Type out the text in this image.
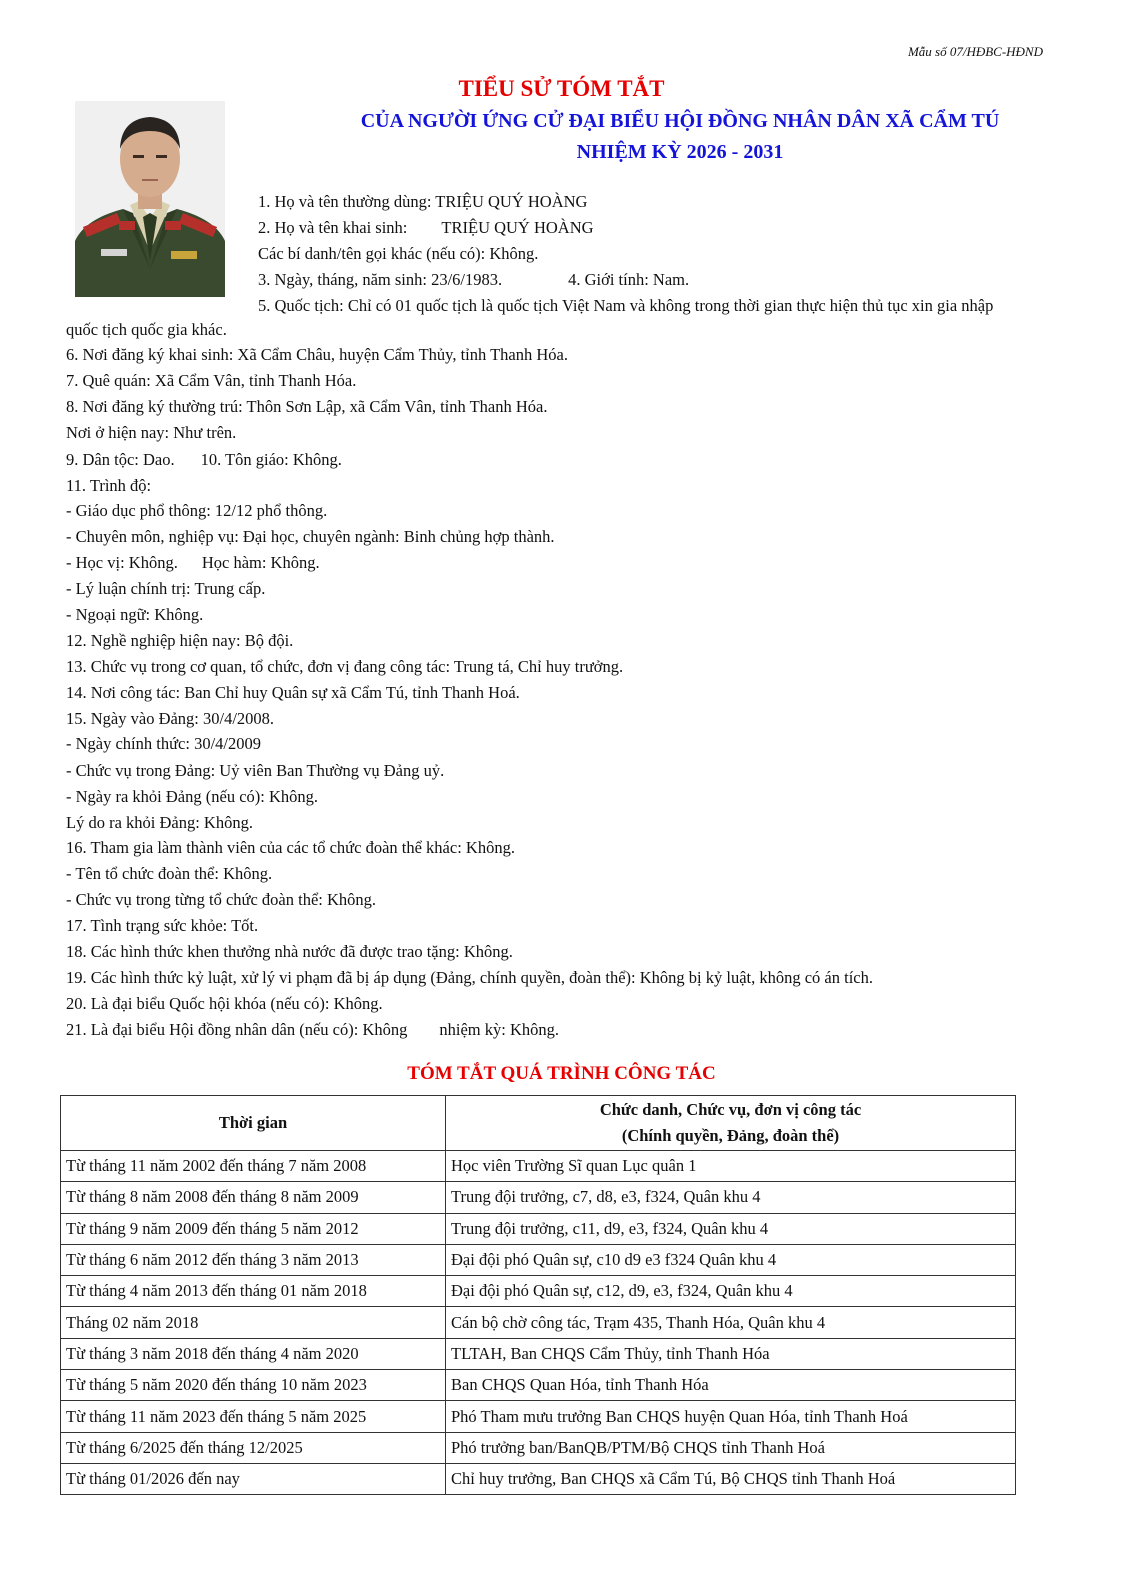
Mẫu số 07/HĐBC-HĐND
TIỂU SỬ TÓM TẮT
CỦA NGƯỜI ỨNG CỬ ĐẠI BIỂU HỘI ĐỒNG NHÂN DÂN XÃ CẨM TÚ
NHIỆM KỲ 2026 - 2031
1. Họ và tên thường dùng: TRIỆU QUÝ HOÀNG
2. Họ và tên khai sinh: TRIỆU QUÝ HOÀNG
Các bí danh/tên gọi khác (nếu có): Không.
3. Ngày, tháng, năm sinh: 23/6/1983.	4. Giới tính: Nam.
5. Quốc tịch: Chỉ có 01 quốc tịch là quốc tịch Việt Nam và không trong thời gian thực hiện thủ tục xin gia nhập
quốc tịch quốc gia khác.
6. Nơi đăng ký khai sinh: Xã Cẩm Châu, huyện Cẩm Thủy, tỉnh Thanh Hóa.
7. Quê quán: Xã Cẩm Vân, tỉnh Thanh Hóa.
8. Nơi đăng ký thường trú: Thôn Sơn Lập, xã Cẩm Vân, tỉnh Thanh Hóa.
Nơi ở hiện nay: Như trên.
9. Dân tộc: Dao. 10. Tôn giáo: Không.
11. Trình độ:
- Giáo dục phổ thông: 12/12 phổ thông.
- Chuyên môn, nghiệp vụ: Đại học, chuyên ngành: Binh chủng hợp thành.
- Học vị: Không. Học hàm: Không.
- Lý luận chính trị: Trung cấp.
- Ngoại ngữ: Không.
12. Nghề nghiệp hiện nay: Bộ đội.
13. Chức vụ trong cơ quan, tổ chức, đơn vị đang công tác: Trung tá, Chỉ huy trưởng.
14. Nơi công tác: Ban Chỉ huy Quân sự xã Cẩm Tú, tỉnh Thanh Hoá.
15. Ngày vào Đảng: 30/4/2008.
- Ngày chính thức: 30/4/2009
- Chức vụ trong Đảng: Uỷ viên Ban Thường vụ Đảng uỷ.
- Ngày ra khỏi Đảng (nếu có): Không.
Lý do ra khỏi Đảng: Không.
16. Tham gia làm thành viên của các tổ chức đoàn thể khác: Không.
- Tên tổ chức đoàn thể: Không.
- Chức vụ trong từng tổ chức đoàn thể: Không.
17. Tình trạng sức khỏe: Tốt.
18. Các hình thức khen thưởng nhà nước đã được trao tặng: Không.
19. Các hình thức kỷ luật, xử lý vi phạm đã bị áp dụng (Đảng, chính quyền, đoàn thể): Không bị kỷ luật, không có án tích.
20. Là đại biểu Quốc hội khóa (nếu có): Không.
21. Là đại biểu Hội đồng nhân dân (nếu có): Không nhiệm kỳ: Không.
TÓM TẮT QUÁ TRÌNH CÔNG TÁC
Thời gian	Chức danh, Chức vụ, đơn vị công tác
(Chính quyền, Đảng, đoàn thể)

Từ tháng 11 năm 2002 đến tháng 7 năm 2008	Học viên Trường Sĩ quan Lục quân 1
Từ tháng 8 năm 2008 đến tháng 8 năm 2009	Trung đội trưởng, c7, d8, e3, f324, Quân khu 4
Từ tháng 9 năm 2009 đến tháng 5 năm 2012	Trung đội trưởng, c11, d9, e3, f324, Quân khu 4
Từ tháng 6 năm 2012 đến tháng 3 năm 2013	Đại đội phó Quân sự, c10 d9 e3 f324 Quân khu 4
Từ tháng 4 năm 2013 đến tháng 01 năm 2018	Đại đội phó Quân sự, c12, d9, e3, f324, Quân khu 4
Tháng 02 năm 2018	Cán bộ chờ công tác, Trạm 435, Thanh Hóa, Quân khu 4
Từ tháng 3 năm 2018 đến tháng 4 năm 2020	TLTAH, Ban CHQS Cẩm Thủy, tỉnh Thanh Hóa
Từ tháng 5 năm 2020 đến tháng 10 năm 2023	Ban CHQS Quan Hóa, tỉnh Thanh Hóa
Từ tháng 11 năm 2023 đến tháng 5 năm 2025	Phó Tham mưu trưởng Ban CHQS huyện Quan Hóa, tỉnh Thanh Hoá
Từ tháng 6/2025 đến tháng 12/2025	Phó trưởng ban/BanQB/PTM/Bộ CHQS tỉnh Thanh Hoá
Từ tháng 01/2026 đến nay	Chỉ huy trưởng, Ban CHQS xã Cẩm Tú, Bộ CHQS tỉnh Thanh Hoá
